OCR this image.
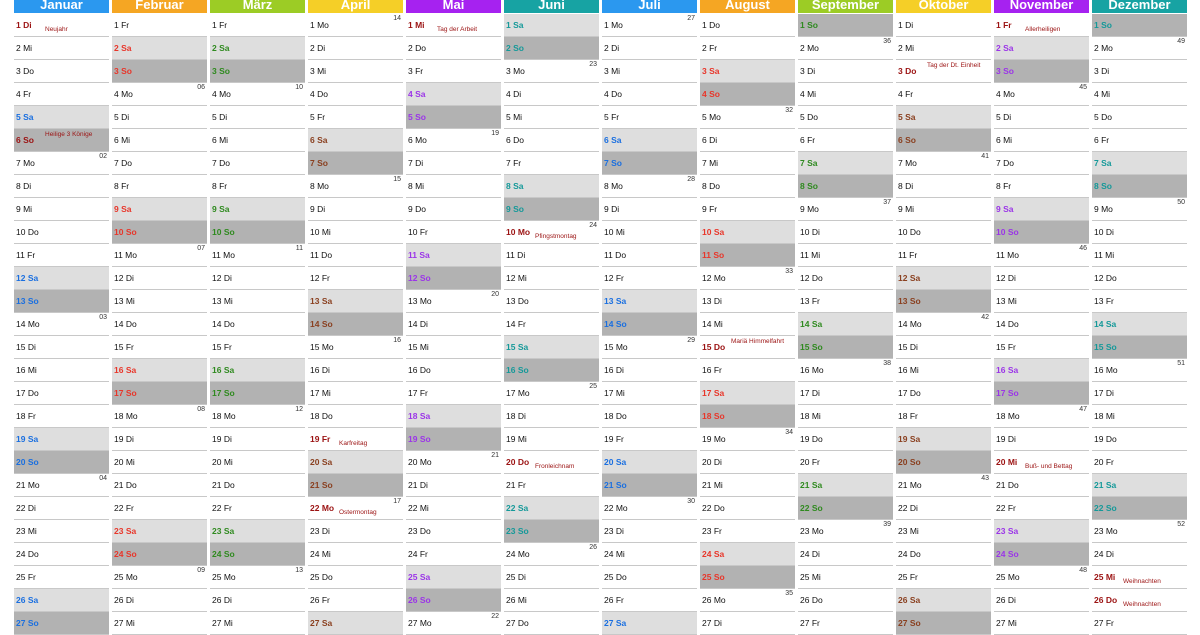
Januar
1 Di Neujahr
2 Mi
3 Do
4 Fr
5 Sa
6 So
Heilige 3 Könige
7 Mo
02
8 Di
9 Mi
10 Do
11 Fr
12 Sa
13 So
14 Mo
03
15 Di
16 Mi
17 Do
18 Fr
19 Sa
20 So
21 Mo
04
22 Di
23 Mi
24 Do
25 Fr
26 Sa
27 So
Februar
1 Fr
2 Sa
3 So
4 Mo
06
5 Di
6 Mi
7 Do
8 Fr
9 Sa
10 So
11 Mo
07
12 Di
13 Mi
14 Do
15 Fr
16 Sa
17 So
18 Mo
08
19 Di
20 Mi
21 Do
22 Fr
23 Sa
24 So
25 Mo
09
26 Di
27 Mi
März
1 Fr
2 Sa
3 So
4 Mo
10
5 Di
6 Mi
7 Do
8 Fr
9 Sa
10 So
11 Mo
11
12 Di
13 Mi
14 Do
15 Fr
16 Sa
17 So
18 Mo
12
19 Di
20 Mi
21 Do
22 Fr
23 Sa
24 So
25 Mo
13
26 Di
27 Mi
April
1 Mo
14
2 Di
3 Mi
4 Do
5 Fr
6 Sa
7 So
8 Mo
15
9 Di
10 Mi
11 Do
12 Fr
13 Sa
14 So
15 Mo
16
16 Di
17 Mi
18 Do
19 Fr Karfreitag
20 Sa
21 So
22 Mo
17
Ostermontag
23 Di
24 Mi
25 Do
26 Fr
27 Sa
Mai
1 Mi Tag der Arbeit
2 Do
3 Fr
4 Sa
5 So
6 Mo
19
7 Di
8 Mi
9 Do
10 Fr
11 Sa
12 So
13 Mo
20
14 Di
15 Mi
16 Do
17 Fr
18 Sa
19 So
20 Mo
21
21 Di
22 Mi
23 Do
24 Fr
25 Sa
26 So
27 Mo
22
Juni
1 Sa
2 So
3 Mo
23
4 Di
5 Mi
6 Do
7 Fr
8 Sa
9 So
10 Mo
24
Pfingstmontag
11 Di
12 Mi
13 Do
14 Fr
15 Sa
16 So
17 Mo
25
18 Di
19 Mi
20 Do Fronleichnam
21 Fr
22 Sa
23 So
24 Mo
26
25 Di
26 Mi
27 Do
Juli
1 Mo
27
2 Di
3 Mi
4 Do
5 Fr
6 Sa
7 So
8 Mo
28
9 Di
10 Mi
11 Do
12 Fr
13 Sa
14 So
15 Mo
29
16 Di
17 Mi
18 Do
19 Fr
20 Sa
21 So
22 Mo
30
23 Di
24 Mi
25 Do
26 Fr
27 Sa
August
1 Do
2 Fr
3 Sa
4 So
5 Mo
32
6 Di
7 Mi
8 Do
9 Fr
10 Sa
11 So
12 Mo
33
13 Di
14 Mi
15 Do
Mariä Himmelfahrt
16 Fr
17 Sa
18 So
19 Mo
34
20 Di
21 Mi
22 Do
23 Fr
24 Sa
25 So
26 Mo
35
27 Di
September
1 So
2 Mo
36
3 Di
4 Mi
5 Do
6 Fr
7 Sa
8 So
9 Mo
37
10 Di
11 Mi
12 Do
13 Fr
14 Sa
15 So
16 Mo
38
17 Di
18 Mi
19 Do
20 Fr
21 Sa
22 So
23 Mo
39
24 Di
25 Mi
26 Do
27 Fr
Oktober
1 Di
2 Mi
3 Do
Tag der Dt. Einheit
4 Fr
5 Sa
6 So
7 Mo
41
8 Di
9 Mi
10 Do
11 Fr
12 Sa
13 So
14 Mo
42
15 Di
16 Mi
17 Do
18 Fr
19 Sa
20 So
21 Mo
43
22 Di
23 Mi
24 Do
25 Fr
26 Sa
27 So
November
1 Fr Allerheiligen
2 Sa
3 So
4 Mo
45
5 Di
6 Mi
7 Do
8 Fr
9 Sa
10 So
11 Mo
46
12 Di
13 Mi
14 Do
15 Fr
16 Sa
17 So
18 Mo
47
19 Di
20 Mi Buß- und Bettag
21 Do
22 Fr
23 Sa
24 So
25 Mo
48
26 Di
27 Mi
Dezember
1 So
2 Mo
49
3 Di
4 Mi
5 Do
6 Fr
7 Sa
8 So
9 Mo
50
10 Di
11 Mi
12 Do
13 Fr
14 Sa
15 So
16 Mo
51
17 Di
18 Mi
19 Do
20 Fr
21 Sa
22 So
23 Mo
52
24 Di
25 Mi Weihnachten
26 Do Weihnachten
27 Fr
